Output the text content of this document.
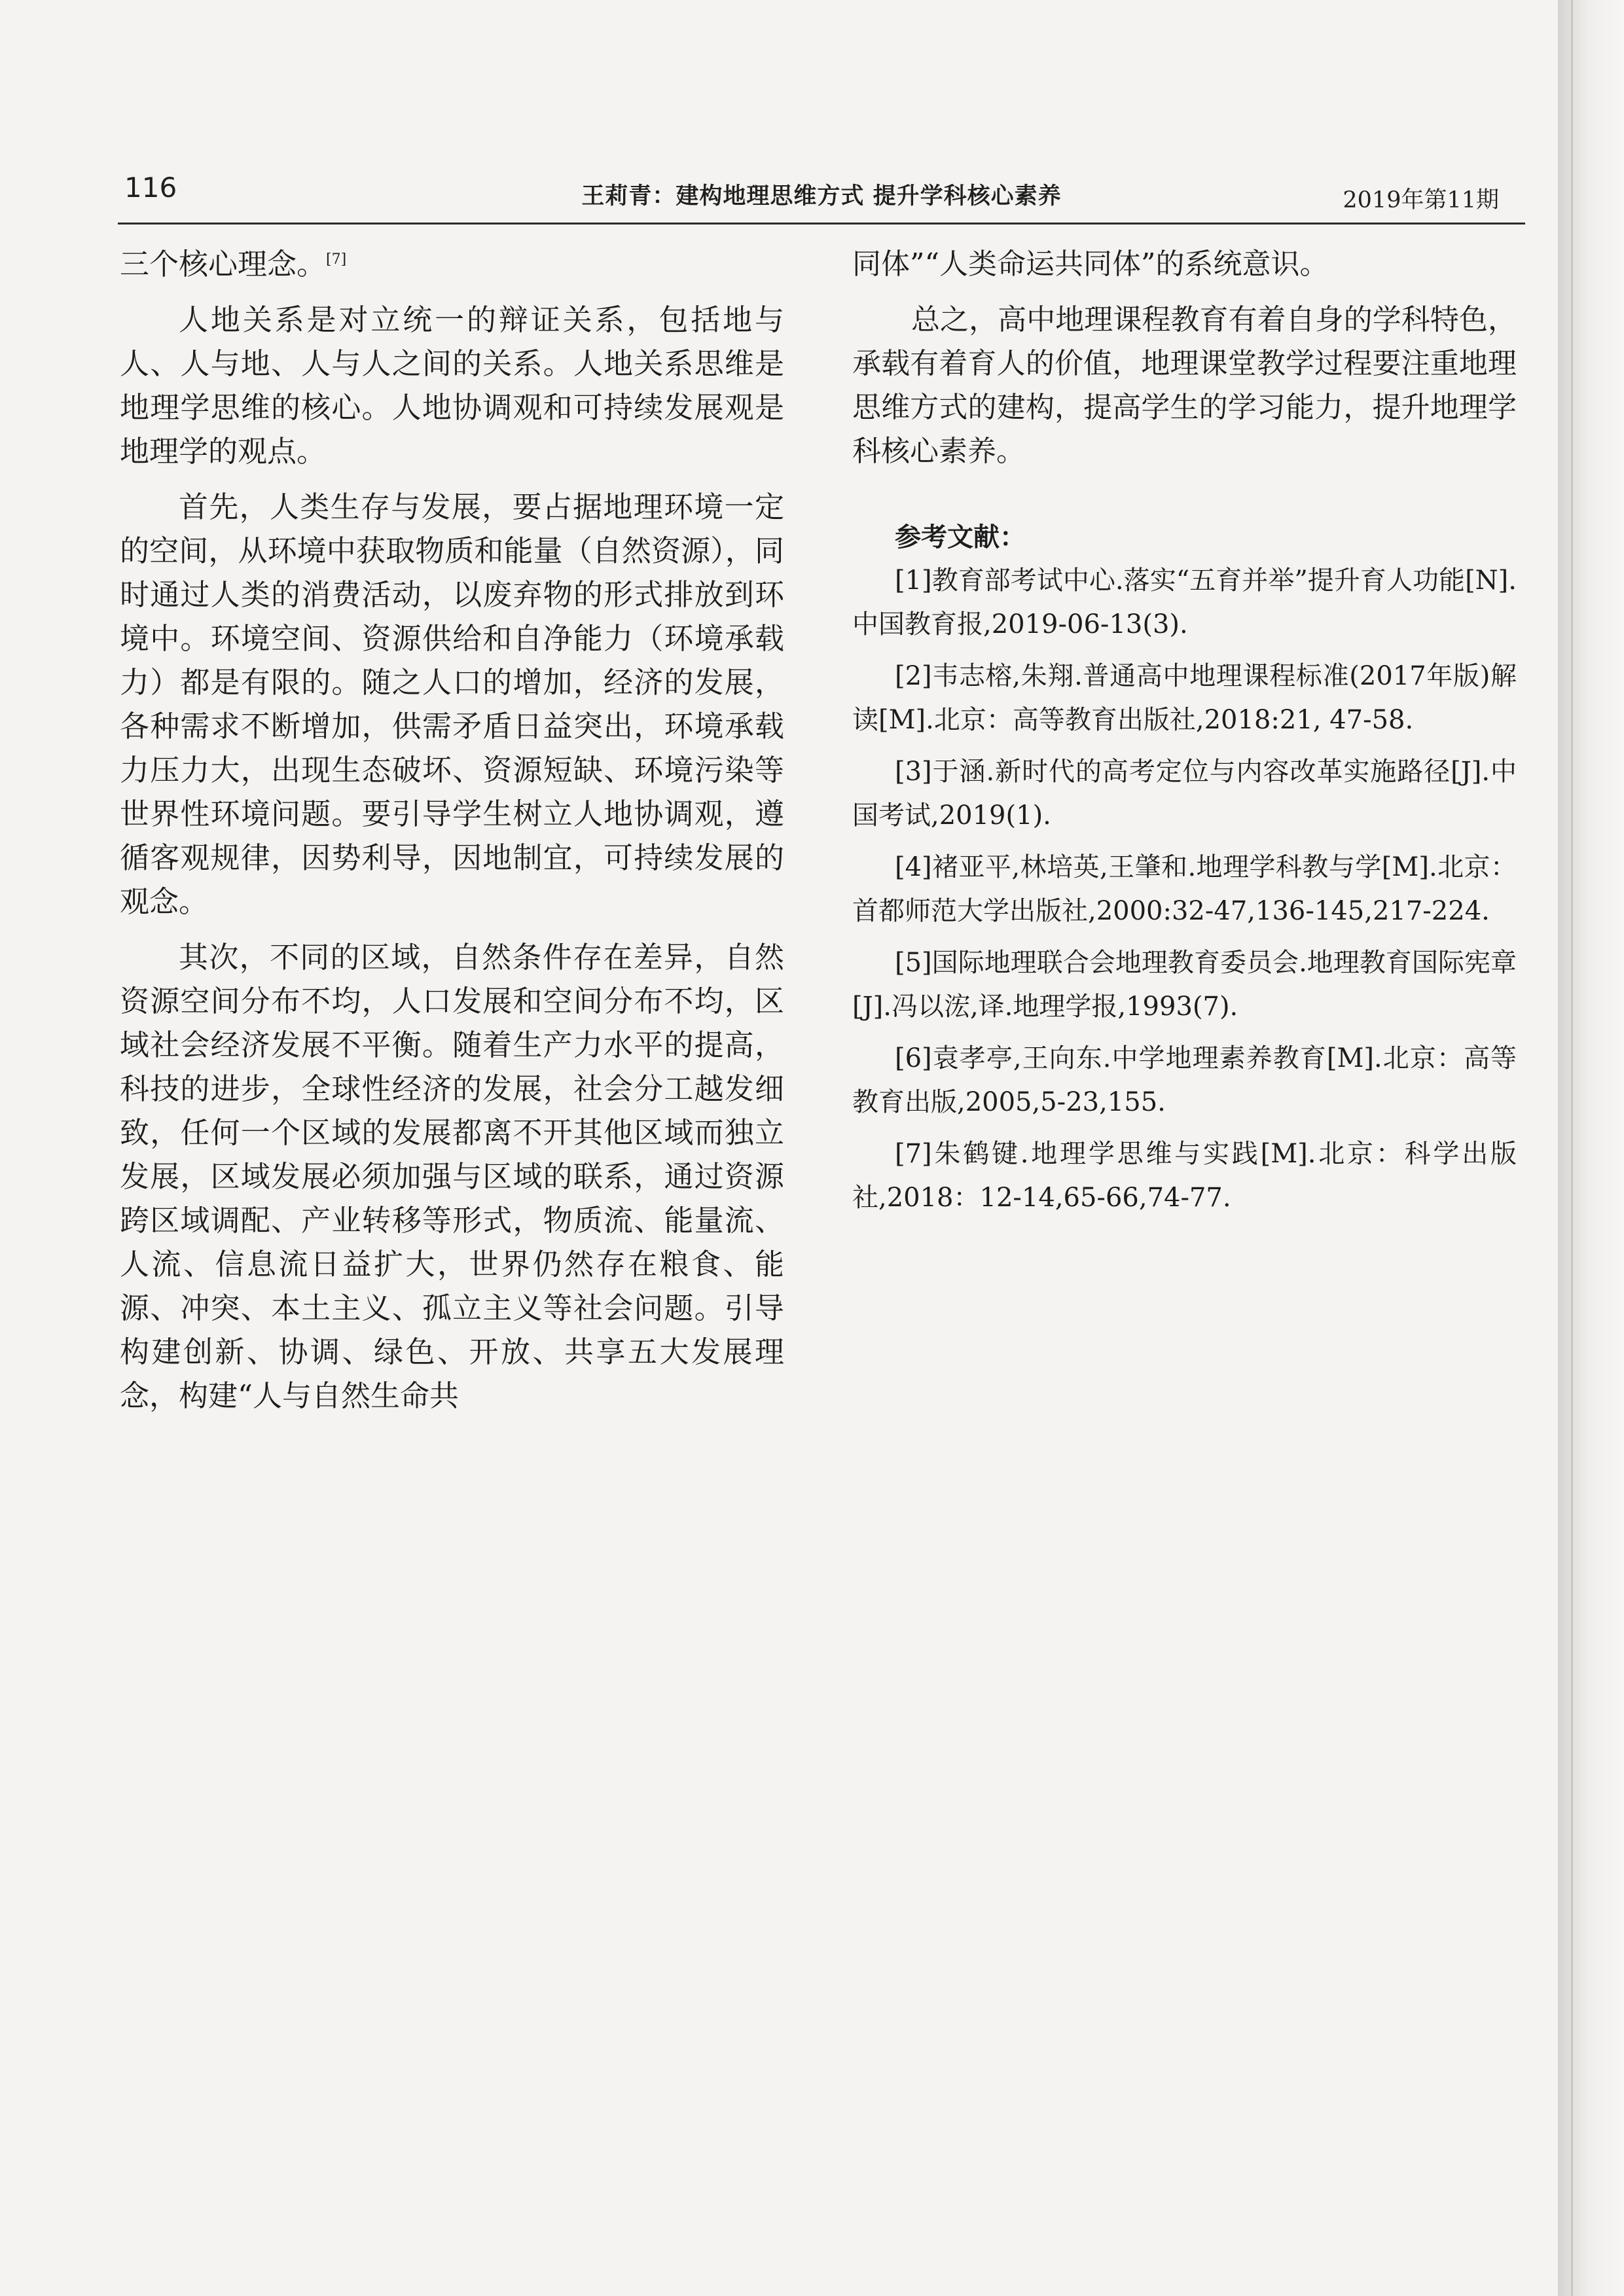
116	王莉青：建构地理思维方式 提升学科核心素养	2019年第11期

三个核心理念。[7]

人地关系是对立统一的辩证关系，包括地与人、人与地、人与人之间的关系。人地关系思维是地理学思维的核心。人地协调观和可持续发展观是地理学的观点。

首先，人类生存与发展，要占据地理环境一定的空间，从环境中获取物质和能量（自然资源），同时通过人类的消费活动，以废弃物的形式排放到环境中。环境空间、资源供给和自净能力（环境承载力）都是有限的。随之人口的增加，经济的发展，各种需求不断增加，供需矛盾日益突出，环境承载力压力大，出现生态破坏、资源短缺、环境污染等世界性环境问题。要引导学生树立人地协调观，遵循客观规律，因势利导，因地制宜，可持续发展的观念。

其次，不同的区域，自然条件存在差异，自然资源空间分布不均，人口发展和空间分布不均，区域社会经济发展不平衡。随着生产力水平的提高，科技的进步，全球性经济的发展，社会分工越发细致，任何一个区域的发展都离不开其他区域而独立发展，区域发展必须加强与区域的联系，通过资源跨区域调配、产业转移等形式，物质流、能量流、人流、信息流日益扩大，世界仍然存在粮食、能源、冲突、本土主义、孤立主义等社会问题。引导构建创新、协调、绿色、开放、共享五大发展理念，构建“人与自然生命共

同体”“人类命运共同体”的系统意识。

总之，高中地理课程教育有着自身的学科特色，承载有着育人的价值，地理课堂教学过程要注重地理思维方式的建构，提高学生的学习能力，提升地理学科核心素养。

参考文献：

[1]教育部考试中心.落实“五育并举”提升育人功能[N].中国教育报,2019-06-13(3).

[2]韦志榕,朱翔.普通高中地理课程标准(2017年版)解读[M].北京：高等教育出版社,2018:21, 47-58.

[3]于涵.新时代的高考定位与内容改革实施路径[J].中国考试,2019(1).

[4]褚亚平,林培英,王肇和.地理学科教与学[M].北京：首都师范大学出版社,2000:32-47,136-145,217-224.

[5]国际地理联合会地理教育委员会.地理教育国际宪章[J].冯以浤,译.地理学报,1993(7).

[6]袁孝亭,王向东.中学地理素养教育[M].北京：高等教育出版,2005,5-23,155.

[7]朱鹤键.地理学思维与实践[M].北京：科学出版社,2018：12-14,65-66,74-77.
